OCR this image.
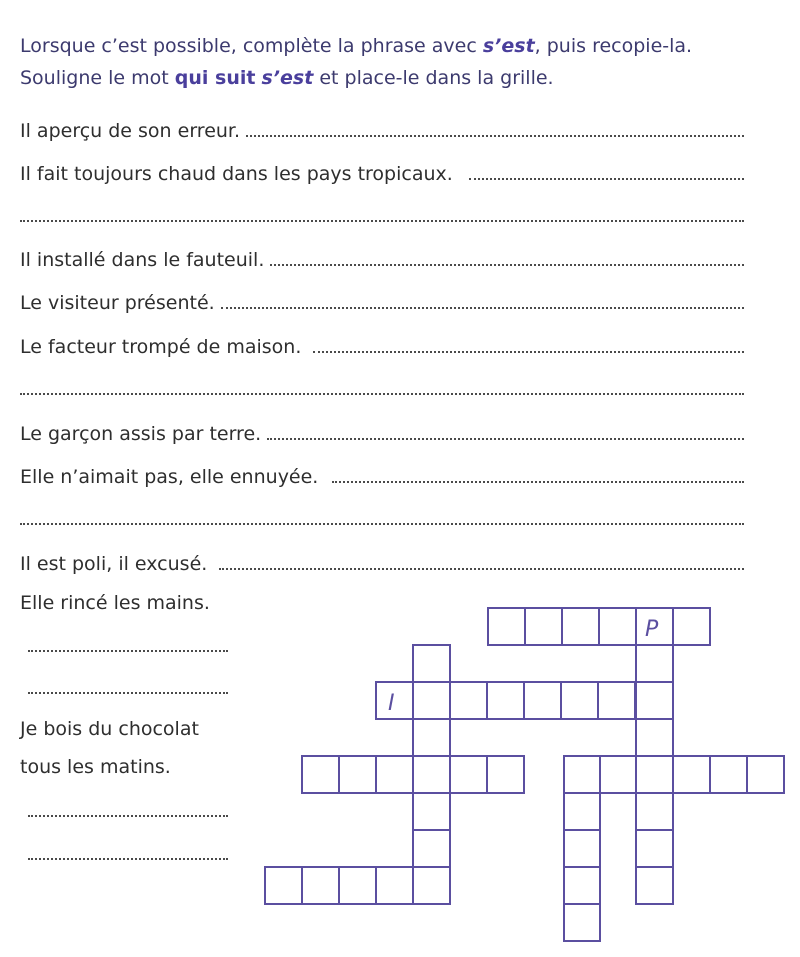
Lorsque c’est possible, complète la phrase avec s’est, puis recopie-la.
Souligne le mot qui suit s’est et place-le dans la grille.
Il aperçu de son erreur.
Il fait toujours chaud dans les pays tropicaux.
Il installé dans le fauteuil.
Le visiteur présenté.
Le facteur trompé de maison.
Le garçon assis par terre.
Elle n’aimait pas, elle ennuyée.
Il est poli, il excusé.
Elle rincé les mains.
Je bois du chocolat
tous les matins.
P
I
